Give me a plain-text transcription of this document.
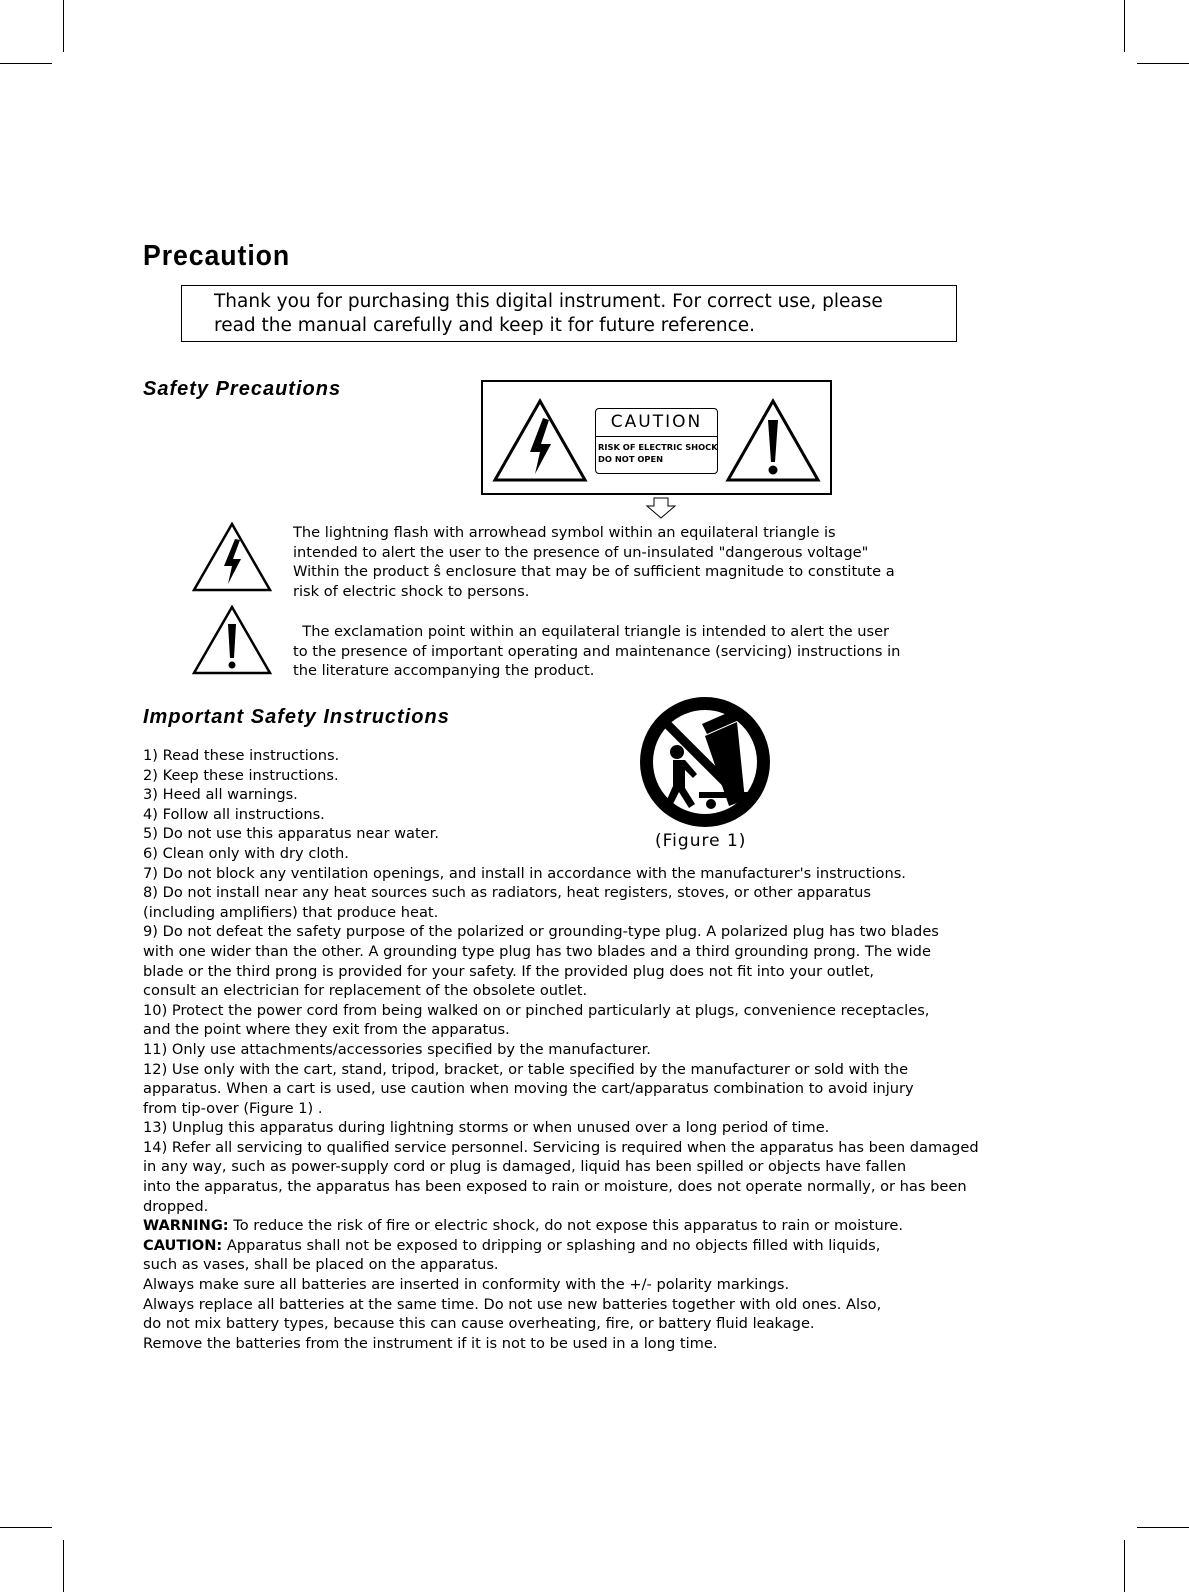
Precaution
Thank you for purchasing this digital instrument. For correct use, please
read the manual carefully and keep it for future reference.
Safety Precautions
CAUTION
RISK OF ELECTRIC SHOCK
DO NOT OPEN
The lightning flash with arrowhead symbol within an equilateral triangle is
intended to alert the user to the presence of un-insulated "dangerous voltage"
Within the product ŝ enclosure that may be of sufficient magnitude to constitute a
risk of electric shock to persons.
The exclamation point within an equilateral triangle is intended to alert the user
to the presence of important operating and maintenance (servicing) instructions in
the literature accompanying the product.
Important Safety Instructions
(Figure 1)
1) Read these instructions.
2) Keep these instructions.
3) Heed all warnings.
4) Follow all instructions.
5) Do not use this apparatus near water.
6) Clean only with dry cloth.
7) Do not block any ventilation openings, and install in accordance with the manufacturer's instructions.
8) Do not install near any heat sources such as radiators, heat registers, stoves, or other apparatus
(including amplifiers) that produce heat.
9) Do not defeat the safety purpose of the polarized or grounding-type plug. A polarized plug has two blades
with one wider than the other. A grounding type plug has two blades and a third grounding prong. The wide
blade or the third prong is provided for your safety. If the provided plug does not fit into your outlet,
consult an electrician for replacement of the obsolete outlet.
10) Protect the power cord from being walked on or pinched particularly at plugs, convenience receptacles,
and the point where they exit from the apparatus.
11) Only use attachments/accessories specified by the manufacturer.
12) Use only with the cart, stand, tripod, bracket, or table specified by the manufacturer or sold with the
apparatus. When a cart is used, use caution when moving the cart/apparatus combination to avoid injury
from tip-over (Figure 1) .
13) Unplug this apparatus during lightning storms or when unused over a long period of time.
14) Refer all servicing to qualified service personnel. Servicing is required when the apparatus has been damaged
in any way, such as power-supply cord or plug is damaged, liquid has been spilled or objects have fallen
into the apparatus, the apparatus has been exposed to rain or moisture, does not operate normally, or has been
dropped.
WARNING: To reduce the risk of fire or electric shock, do not expose this apparatus to rain or moisture.
CAUTION: Apparatus shall not be exposed to dripping or splashing and no objects filled with liquids,
such as vases, shall be placed on the apparatus.
Always make sure all batteries are inserted in conformity with the +/- polarity markings.
Always replace all batteries at the same time. Do not use new batteries together with old ones. Also,
do not mix battery types, because this can cause overheating, fire, or battery fluid leakage.
Remove the batteries from the instrument if it is not to be used in a long time.
